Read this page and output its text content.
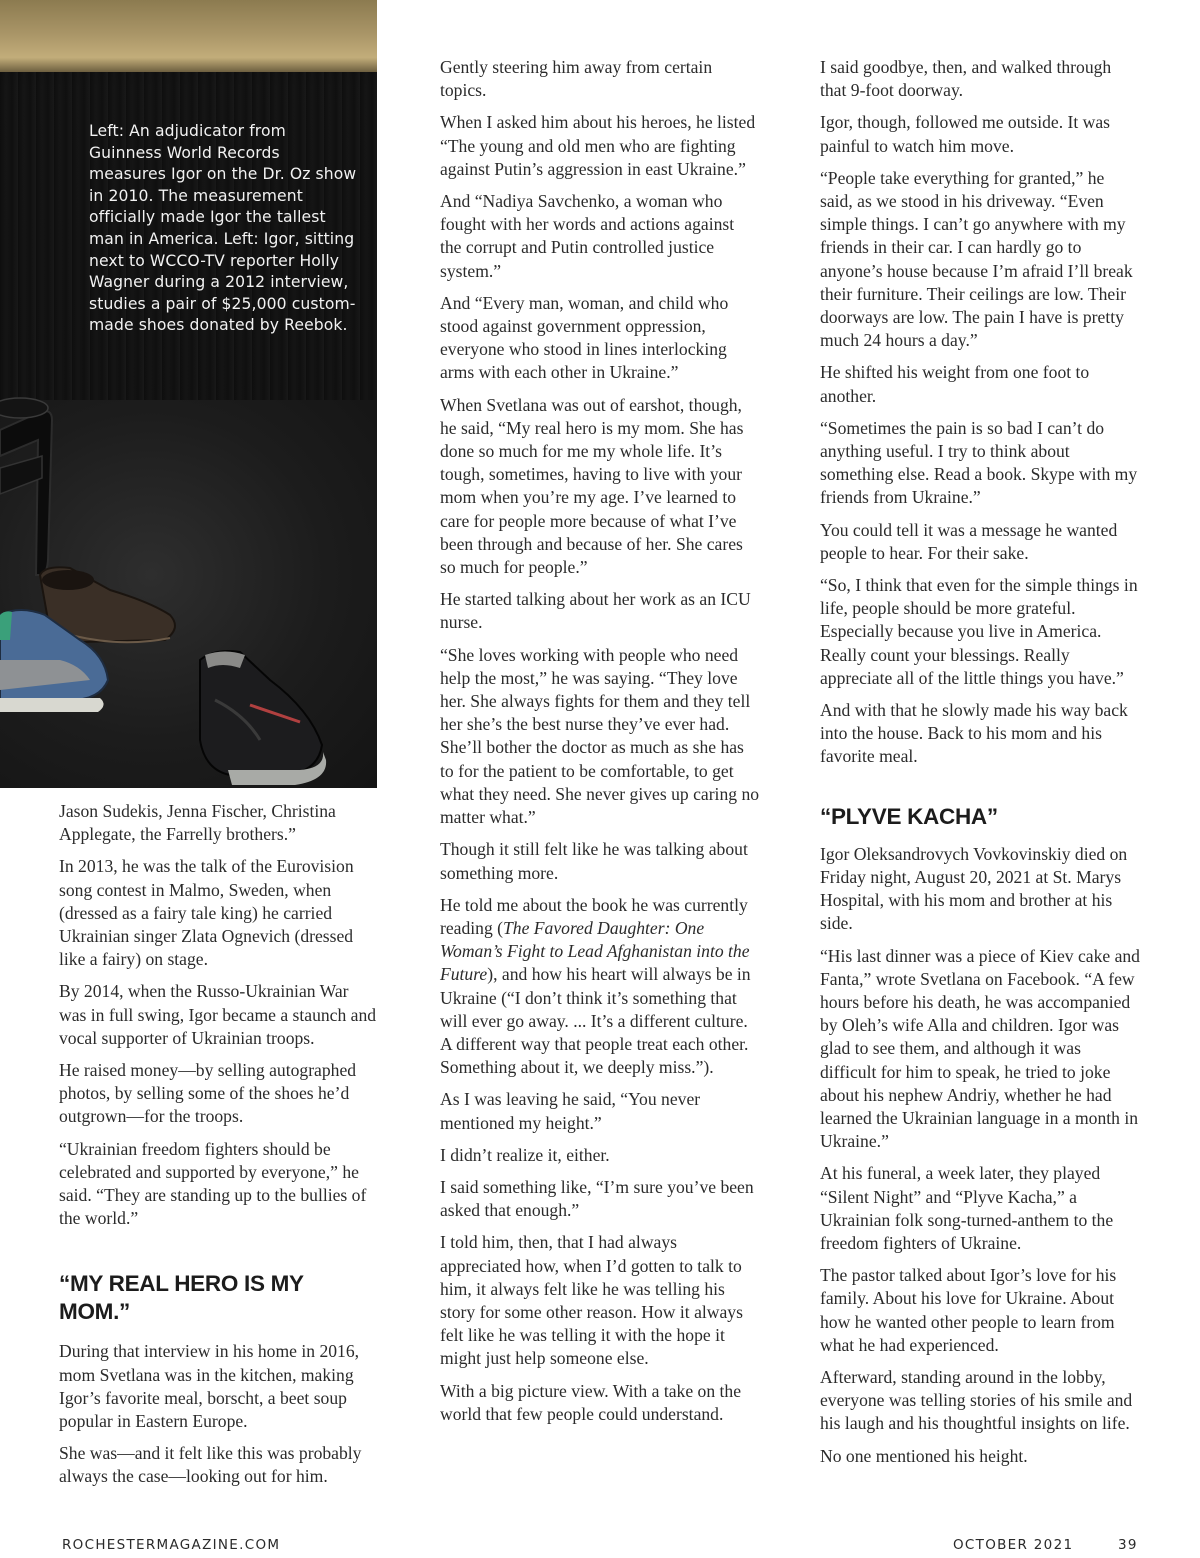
Left: An adjudicator from Guinness World Records measures Igor on the Dr. Oz show in 2010. The measurement officially made Igor the tallest man in America. Left: Igor, sitting next to WCCO-TV reporter Holly Wagner during a 2012 interview, studies a pair of $25,000 custom-made shoes donated by Reebok.

Jason Sudekis, Jenna Fischer, Christina Applegate, the Farrelly brothers.”

In 2013, he was the talk of the Eurovision song contest in Malmo, Sweden, when (dressed as a fairy tale king) he carried Ukrainian singer Zlata Ognevich (dressed like a fairy) on stage.

By 2014, when the Russo-Ukrainian War was in full swing, Igor became a staunch and vocal supporter of Ukrainian troops.

He raised money—by selling autographed photos, by selling some of the shoes he’d outgrown—for the troops.

“Ukrainian freedom fighters should be celebrated and supported by everyone,” he said. “They are standing up to the bullies of the world.”

“MY REAL HERO IS MY MOM.”

During that interview in his home in 2016, mom Svetlana was in the kitchen, making Igor’s favorite meal, borscht, a beet soup popular in Eastern Europe.

She was—and it felt like this was probably always the case—looking out for him.

Gently steering him away from certain topics.

When I asked him about his heroes, he listed “The young and old men who are fighting against Putin’s aggression in east Ukraine.”

And “Nadiya Savchenko, a woman who fought with her words and actions against the corrupt and Putin controlled justice system.”

And “Every man, woman, and child who stood against government oppression, everyone who stood in lines interlocking arms with each other in Ukraine.”

When Svetlana was out of earshot, though, he said, “My real hero is my mom. She has done so much for me my whole life. It’s tough, sometimes, having to live with your mom when you’re my age. I’ve learned to care for people more because of what I’ve been through and because of her. She cares so much for people.”

He started talking about her work as an ICU nurse.

“She loves working with people who need help the most,” he was saying. “They love her. She always fights for them and they tell her she’s the best nurse they’ve ever had. She’ll bother the doctor as much as she has to for the patient to be comfortable, to get what they need. She never gives up caring no matter what.”

Though it still felt like he was talking about something more.

He told me about the book he was currently reading (The Favored Daughter: One Woman’s Fight to Lead Afghanistan into the Future), and how his heart will always be in Ukraine (“I don’t think it’s something that will ever go away. ... It’s a different culture. A different way that people treat each other. Something about it, we deeply miss.”).

As I was leaving he said, “You never mentioned my height.”

I didn’t realize it, either.

I said something like, “I’m sure you’ve been asked that enough.”

I told him, then, that I had always appreciated how, when I’d gotten to talk to him, it always felt like he was telling his story for some other reason. How it always felt like he was telling it with the hope it might just help someone else.

With a big picture view. With a take on the world that few people could understand.

I said goodbye, then, and walked through that 9-foot doorway.

Igor, though, followed me outside. It was painful to watch him move.

“People take everything for granted,” he said, as we stood in his driveway. “Even simple things. I can’t go anywhere with my friends in their car. I can hardly go to anyone’s house because I’m afraid I’ll break their furniture. Their ceilings are low. Their doorways are low. The pain I have is pretty much 24 hours a day.”

He shifted his weight from one foot to another.

“Sometimes the pain is so bad I can’t do anything useful. I try to think about something else. Read a book. Skype with my friends from Ukraine.”

You could tell it was a message he wanted people to hear. For their sake.

“So, I think that even for the simple things in life, people should be more grateful. Especially because you live in America. Really count your blessings. Really appreciate all of the little things you have.”

And with that he slowly made his way back into the house. Back to his mom and his favorite meal.

“PLYVE KACHA”

Igor Oleksandrovych Vovkovinskiy died on Friday night, August 20, 2021 at St. Marys Hospital, with his mom and brother at his side.

“His last dinner was a piece of Kiev cake and Fanta,” wrote Svetlana on Facebook. “A few hours before his death, he was accompanied by Oleh’s wife Alla and children. Igor was glad to see them, and although it was difficult for him to speak, he tried to joke about his nephew Andriy, whether he had learned the Ukrainian language in a month in Ukraine.”

At his funeral, a week later, they played “Silent Night” and “Plyve Kacha,” a Ukrainian folk song-turned-anthem to the freedom fighters of Ukraine.

The pastor talked about Igor’s love for his family. About his love for Ukraine. About how he wanted other people to learn from what he had experienced.

Afterward, standing around in the lobby, everyone was telling stories of his smile and his laugh and his thoughtful insights on life.

No one mentioned his height.

ROCHESTERMAGAZINE.COM	OCTOBER 2021	39
